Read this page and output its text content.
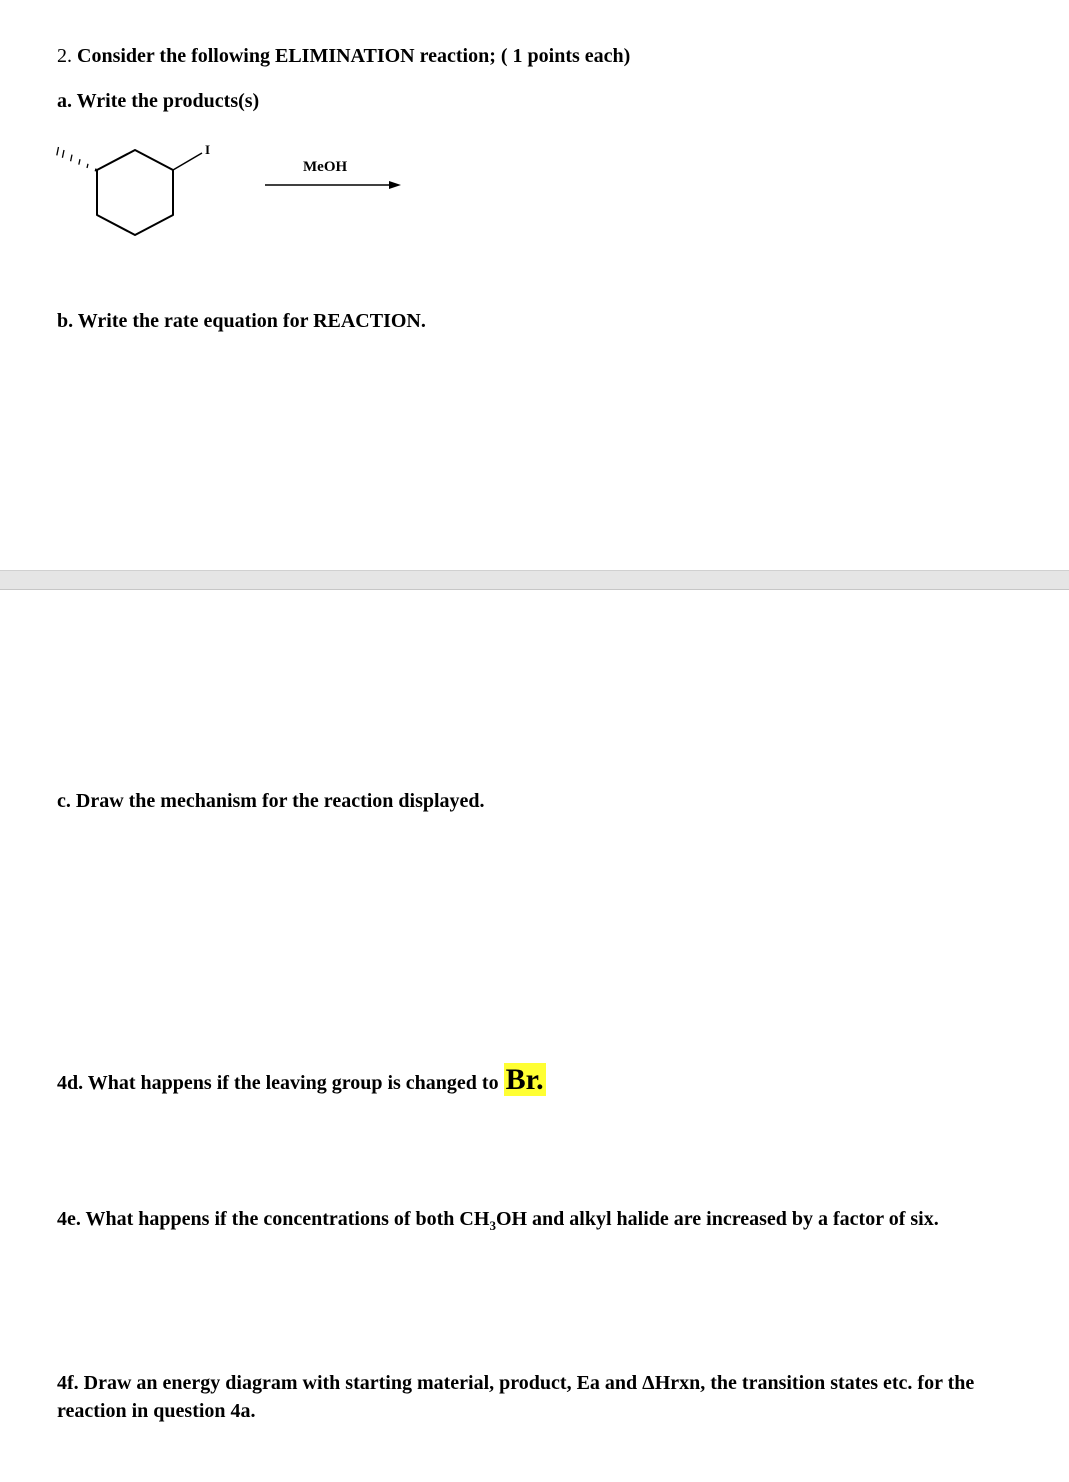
2. Consider the following ELIMINATION reaction; ( 1 points each)
a. Write the products(s)
I
MeOH
b. Write the rate equation for REACTION.
c. Draw the mechanism for the reaction displayed.
4d. What happens if the leaving group is changed to Br.
4e. What happens if the concentrations of both $CH_3OH$ and alkyl halide are increased by a factor of six.
4f. Draw an energy diagram with starting material, product, Ea and ΔHrxn, the transition states etc. for the reaction in question 4a.
